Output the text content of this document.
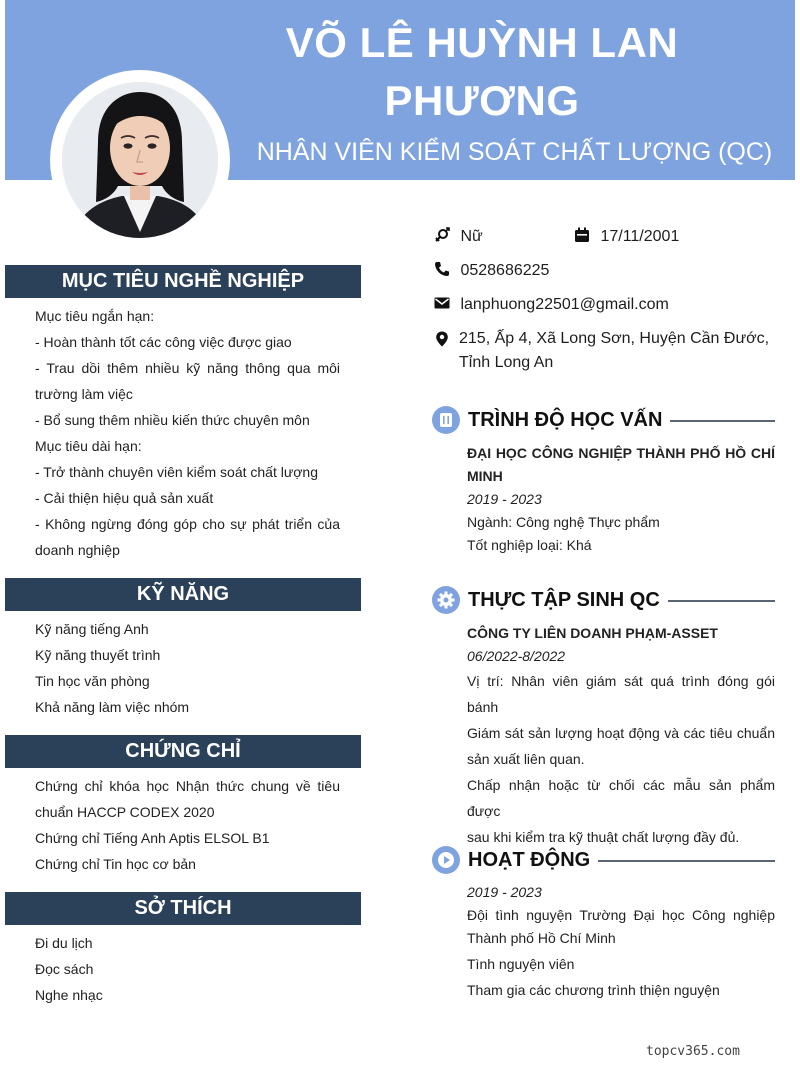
VÕ LÊ HUỲNH LAN
PHƯƠNG
NHÂN VIÊN KIỂM SOÁT CHẤT LƯỢNG (QC)
Nữ	17/11/2001
0528686225
lanphuong22501@gmail.com
215, Ấp 4, Xã Long Sơn, Huyện Cần Đước,
Tỉnh Long An
MỤC TIÊU NGHỀ NGHIỆP
Mục tiêu ngắn hạn:
- Hoàn thành tốt các công việc được giao
- Trau dồi thêm nhiều kỹ năng thông qua môi
trường làm việc
- Bổ sung thêm nhiều kiến thức chuyên môn
Mục tiêu dài hạn:
- Trở thành chuyên viên kiểm soát chất lượng
- Cải thiện hiệu quả sản xuất
- Không ngừng đóng góp cho sự phát triển của
doanh nghiệp
KỸ NĂNG
Kỹ năng tiếng Anh
Kỹ năng thuyết trình
Tin học văn phòng
Khả năng làm việc nhóm
CHỨNG CHỈ
Chứng chỉ khóa học Nhận thức chung về tiêu
chuẩn HACCP CODEX 2020
Chứng chỉ Tiếng Anh Aptis ELSOL B1
Chứng chỉ Tin học cơ bản
SỞ THÍCH
Đi du lịch
Đọc sách
Nghe nhạc
TRÌNH ĐỘ HỌC VẤN
ĐẠI HỌC CÔNG NGHIỆP THÀNH PHỐ HỒ CHÍ
MINH
2019 - 2023
Ngành: Công nghệ Thực phẩm
Tốt nghiệp loại: Khá
THỰC TẬP SINH QC
CÔNG TY LIÊN DOANH PHẠM-ASSET
06/2022-8/2022
Vị trí: Nhân viên giám sát quá trình đóng gói
bánh
Giám sát sản lượng hoạt động và các tiêu chuẩn
sản xuất liên quan.
Chấp nhận hoặc từ chối các mẫu sản phẩm được
sau khi kiểm tra kỹ thuật chất lượng đầy đủ.
HOẠT ĐỘNG
2019 - 2023
Đội tình nguyện Trường Đại học Công nghiệp
Thành phố Hồ Chí Minh
Tình nguyện viên
Tham gia các chương trình thiện nguyện
topcv365.com
